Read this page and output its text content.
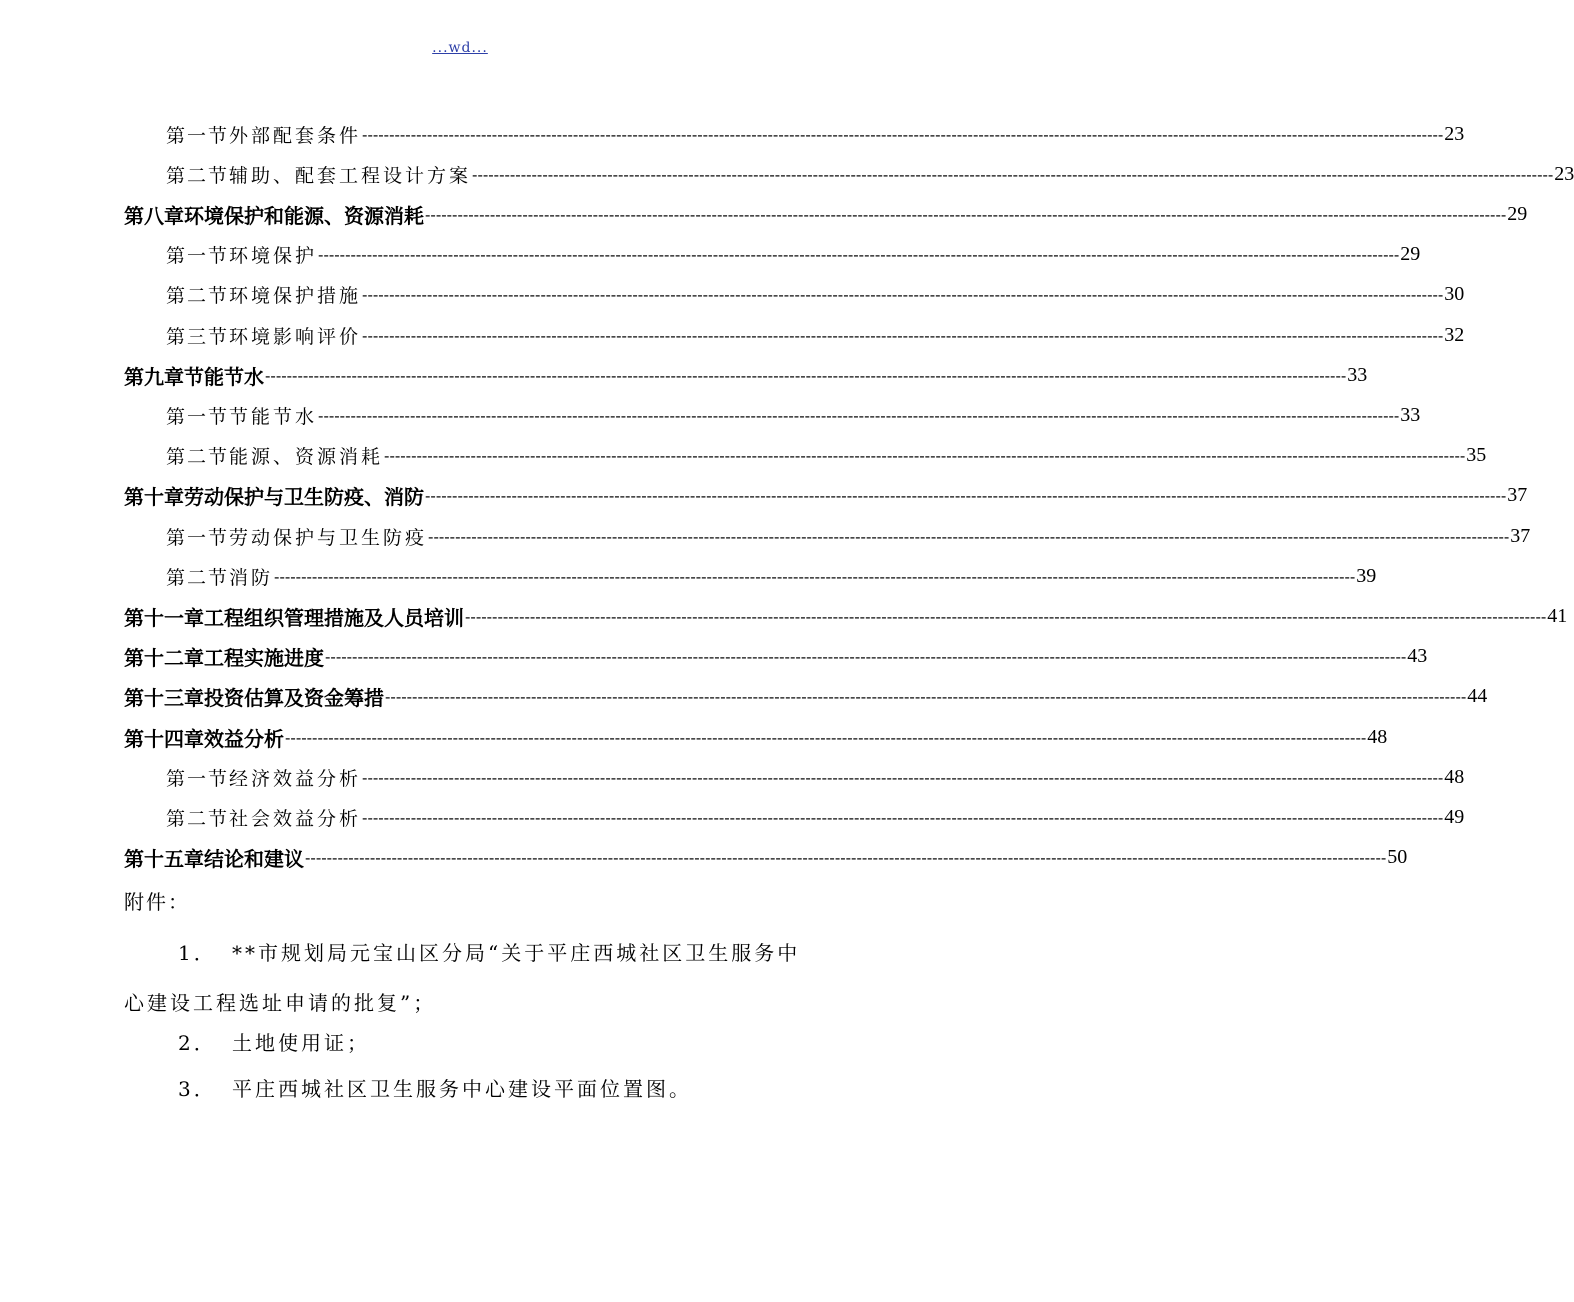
...wd...
第一节 外部配套条件 -------------------------------------------------------------------------------------------------------------------------------------------------------------------------------------------------------- 23
第二节 辅助、配套工程设计方案 -------------------------------------------------------------------------------------------------------------------------------------------------------------------------------------------------------- 23
第八章 环境保护和能源、资源消耗 -------------------------------------------------------------------------------------------------------------------------------------------------------------------------------------------------------- 29
第一节 环境保护 -------------------------------------------------------------------------------------------------------------------------------------------------------------------------------------------------------- 29
第二节 环境保护措施 -------------------------------------------------------------------------------------------------------------------------------------------------------------------------------------------------------- 30
第三节 环境影响评价 -------------------------------------------------------------------------------------------------------------------------------------------------------------------------------------------------------- 32
第九章 节能节水 -------------------------------------------------------------------------------------------------------------------------------------------------------------------------------------------------------- 33
第一节 节能节水 -------------------------------------------------------------------------------------------------------------------------------------------------------------------------------------------------------- 33
第二节 能源、资源消耗 -------------------------------------------------------------------------------------------------------------------------------------------------------------------------------------------------------- 35
第十章 劳动保护与卫生防疫、消防 -------------------------------------------------------------------------------------------------------------------------------------------------------------------------------------------------------- 37
第一节 劳动保护与卫生防疫 -------------------------------------------------------------------------------------------------------------------------------------------------------------------------------------------------------- 37
第二节 消防 -------------------------------------------------------------------------------------------------------------------------------------------------------------------------------------------------------- 39
第十一章 工程组织管理措施及人员培训 -------------------------------------------------------------------------------------------------------------------------------------------------------------------------------------------------------- 41
第十二章 工程实施进度 -------------------------------------------------------------------------------------------------------------------------------------------------------------------------------------------------------- 43
第十三章 投资估算及资金筹措 -------------------------------------------------------------------------------------------------------------------------------------------------------------------------------------------------------- 44
第十四章 效益分析 -------------------------------------------------------------------------------------------------------------------------------------------------------------------------------------------------------- 48
第一节 经济效益分析 -------------------------------------------------------------------------------------------------------------------------------------------------------------------------------------------------------- 48
第二节 社会效益分析 -------------------------------------------------------------------------------------------------------------------------------------------------------------------------------------------------------- 49
第十五章 结论和建议 -------------------------------------------------------------------------------------------------------------------------------------------------------------------------------------------------------- 50
附件：
1． **市规划局元宝山区分局“关于平庄西城社区卫生服务中心建设工程选址申请的批复”；
2． 土地使用证；
3． 平庄西城社区卫生服务中心建设平面位置图。
